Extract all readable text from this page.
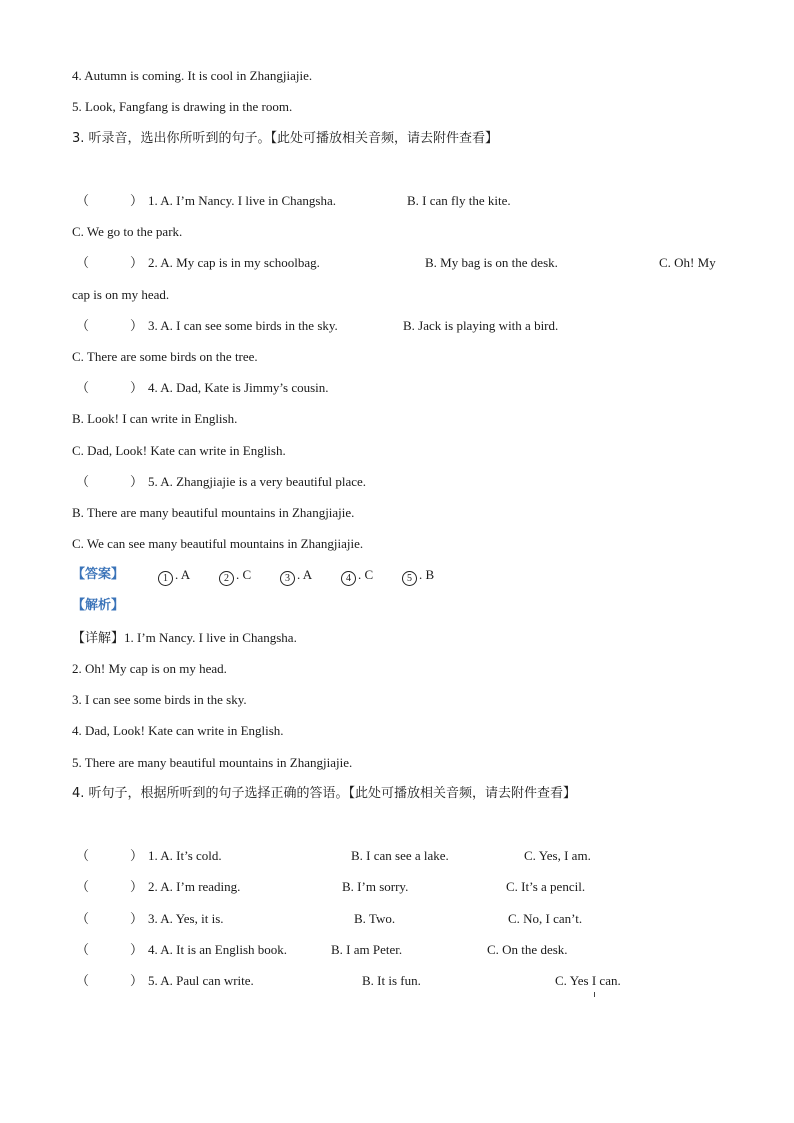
4. Autumn is coming. It is cool in Zhangjiajie.
5. Look, Fangfang is drawing in the room.
3. 听录音，选出你所听到的句子。【此处可播放相关音频，请去附件查看】
（	） 1. A. I’m Nancy. I live in Changsha.	B. I can fly the kite.
C. We go to the park.
（	） 2. A. My cap is in my schoolbag.	B. My bag is on the desk.	C. Oh! My
cap is on my head.
（	） 3. A. I can see some birds in the sky.	B. Jack is playing with a bird.
C. There are some birds on the tree.
（	） 4. A. Dad, Kate is Jimmy’s cousin.
B. Look! I can write in English.
C. Dad, Look! Kate can write in English.
（	） 5. A. Zhangjiajie is a very beautiful place.
B. There are many beautiful mountains in Zhangjiajie.
C. We can see many beautiful mountains in Zhangjiajie.
【答案】	1 . A	2 . C	3 . A	4 . C	5 . B
【解析】
【详解】1. I’m Nancy. I live in Changsha.
2. Oh! My cap is on my head.
3. I can see some birds in the sky.
4. Dad, Look! Kate can write in English.
5. There are many beautiful mountains in Zhangjiajie.
4. 听句子，根据所听到的句子选择正确的答语。【此处可播放相关音频，请去附件查看】
（	） 1. A. It’s cold.	B. I can see a lake.	C. Yes, I am.
（	） 2. A. I’m reading.	B. I’m sorry.	C. It’s a pencil.
（	） 3. A. Yes, it is.	B. Two.	C. No, I can’t.
（	） 4. A. It is an English book.	B. I am Peter.	C. On the desk.
（	） 5. A. Paul can write.	B. It is fun.	C. Yes I can.
